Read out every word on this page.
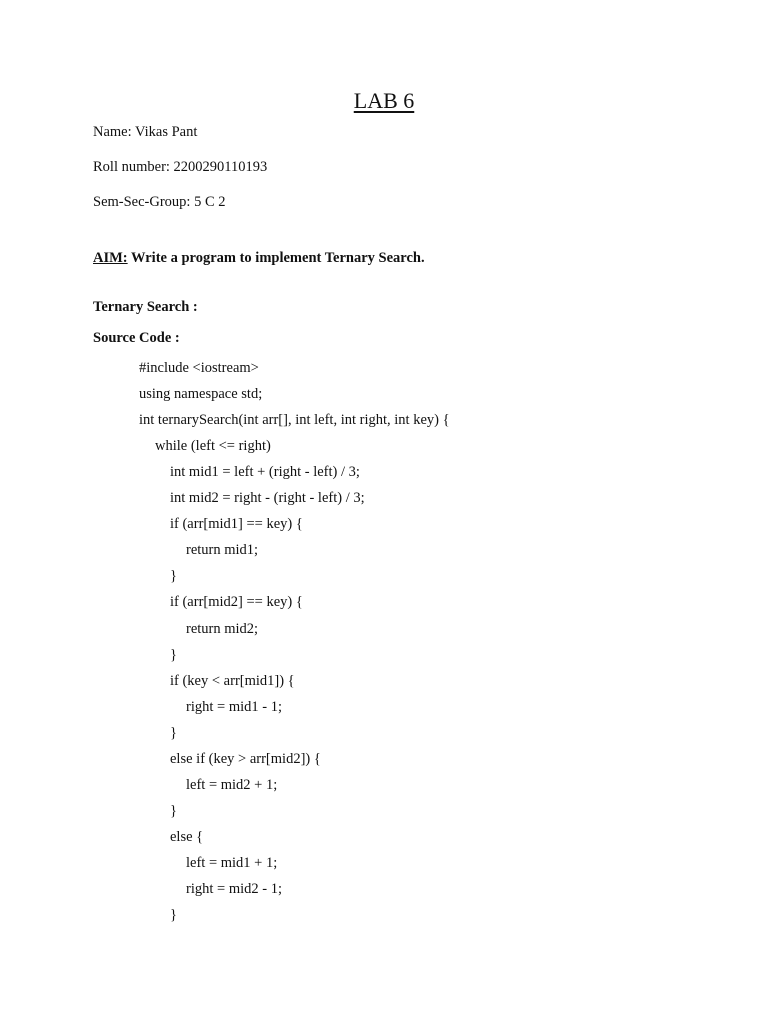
LAB 6
Name: Vikas Pant
Roll number: 2200290110193
Sem-Sec-Group: 5 C 2
AIM: Write a program to implement Ternary Search.
Ternary Search :
Source Code :
#include <iostream>
using namespace std;
int ternarySearch(int arr[], int left, int right, int key) {
while (left <= right)
int mid1 = left + (right - left) / 3;
int mid2 = right - (right - left) / 3;
if (arr[mid1] == key) {
return mid1;
}
if (arr[mid2] == key) {
return mid2;
}
if (key < arr[mid1]) {
right = mid1 - 1;
}
else if (key > arr[mid2]) {
left = mid2 + 1;
}
else {
left = mid1 + 1;
right = mid2 - 1;
}
